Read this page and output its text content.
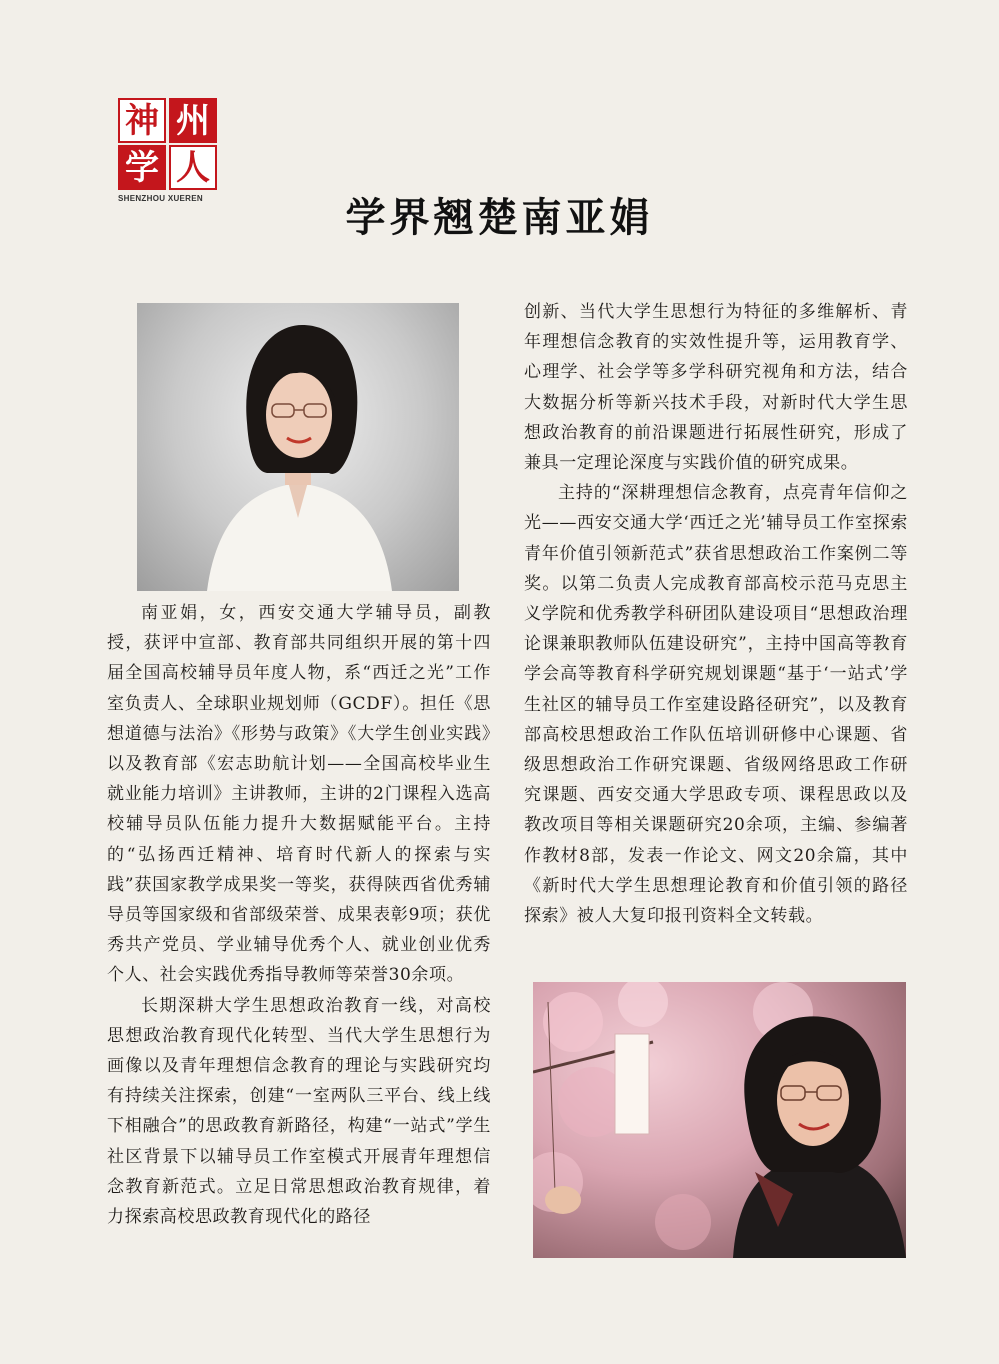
神 州
学 人
SHENZHOU XUEREN	学界翘楚南亚娟

南亚娟，女，西安交通大学辅导员，副教授，获评中宣部、教育部共同组织开展的第十四届全国高校辅导员年度人物，系“西迁之光”工作室负责人、全球职业规划师（GCDF）。担任《思想道德与法治》《形势与政策》《大学生创业实践》以及教育部《宏志助航计划——全国高校毕业生就业能力培训》主讲教师，主讲的2门课程入选高校辅导员队伍能力提升大数据赋能平台。主持的“弘扬西迁精神、培育时代新人的探索与实践”获国家教学成果奖一等奖，获得陕西省优秀辅导员等国家级和省部级荣誉、成果表彰9项；获优秀共产党员、学业辅导优秀个人、就业创业优秀个人、社会实践优秀指导教师等荣誉30余项。

长期深耕大学生思想政治教育一线，对高校思想政治教育现代化转型、当代大学生思想行为画像以及青年理想信念教育的理论与实践研究均有持续关注探索，创建“一室两队三平台、线上线下相融合”的思政教育新路径，构建“一站式”学生社区背景下以辅导员工作室模式开展青年理想信念教育新范式。立足日常思想政治教育规律，着力探索高校思政教育现代化的路径

创新、当代大学生思想行为特征的多维解析、青年理想信念教育的实效性提升等，运用教育学、心理学、社会学等多学科研究视角和方法，结合大数据分析等新兴技术手段，对新时代大学生思想政治教育的前沿课题进行拓展性研究，形成了兼具一定理论深度与实践价值的研究成果。

主持的“深耕理想信念教育，点亮青年信仰之光——西安交通大学‘西迁之光’辅导员工作室探索青年价值引领新范式”获省思想政治工作案例二等奖。以第二负责人完成教育部高校示范马克思主义学院和优秀教学科研团队建设项目“思想政治理论课兼职教师队伍建设研究”，主持中国高等教育学会高等教育科学研究规划课题“基于‘一站式’学生社区的辅导员工作室建设路径研究”，以及教育部高校思想政治工作队伍培训研修中心课题、省级思想政治工作研究课题、省级网络思政工作研究课题、西安交通大学思政专项、课程思政以及教改项目等相关课题研究20余项，主编、参编著作教材8部，发表一作论文、网文20余篇，其中《新时代大学生思想理论教育和价值引领的路径探索》被人大复印报刊资料全文转载。
